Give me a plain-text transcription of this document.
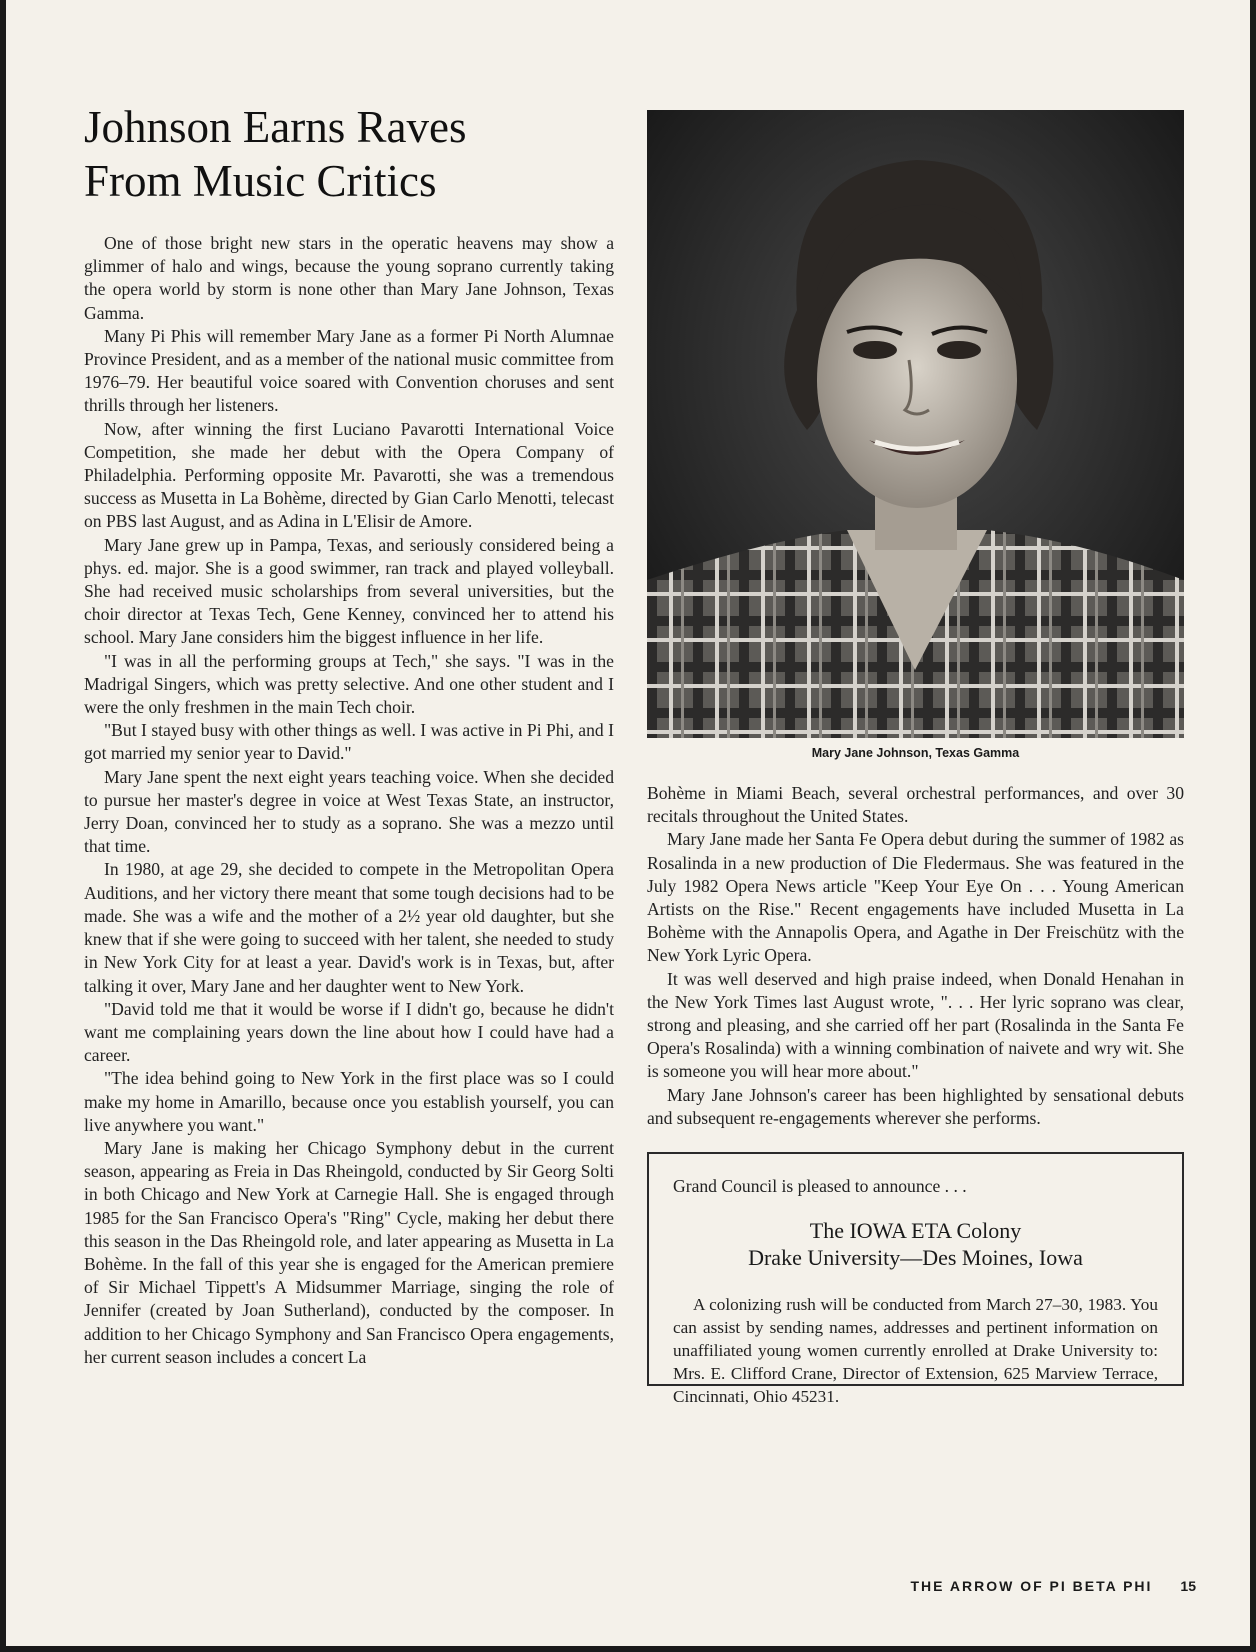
Johnson Earns Raves
From Music Critics

One of those bright new stars in the operatic heavens may show a glimmer of halo and wings, because the young soprano currently taking the opera world by storm is none other than Mary Jane Johnson, Texas Gamma.

Many Pi Phis will remember Mary Jane as a former Pi North Alumnae Province President, and as a member of the national music committee from 1976–79. Her beautiful voice soared with Convention choruses and sent thrills through her listeners.

Now, after winning the first Luciano Pavarotti International Voice Competition, she made her debut with the Opera Company of Philadelphia. Performing opposite Mr. Pavarotti, she was a tremendous success as Musetta in La Bohème, directed by Gian Carlo Menotti, telecast on PBS last August, and as Adina in L'Elisir de Amore.

Mary Jane grew up in Pampa, Texas, and seriously considered being a phys. ed. major. She is a good swimmer, ran track and played volleyball. She had received music scholarships from several universities, but the choir director at Texas Tech, Gene Kenney, convinced her to attend his school. Mary Jane considers him the biggest influence in her life.

"I was in all the performing groups at Tech," she says. "I was in the Madrigal Singers, which was pretty selective. And one other student and I were the only freshmen in the main Tech choir.

"But I stayed busy with other things as well. I was active in Pi Phi, and I got married my senior year to David."

Mary Jane spent the next eight years teaching voice. When she decided to pursue her master's degree in voice at West Texas State, an instructor, Jerry Doan, convinced her to study as a soprano. She was a mezzo until that time.

In 1980, at age 29, she decided to compete in the Metropolitan Opera Auditions, and her victory there meant that some tough decisions had to be made. She was a wife and the mother of a 2½ year old daughter, but she knew that if she were going to succeed with her talent, she needed to study in New York City for at least a year. David's work is in Texas, but, after talking it over, Mary Jane and her daughter went to New York.

"David told me that it would be worse if I didn't go, because he didn't want me complaining years down the line about how I could have had a career.

"The idea behind going to New York in the first place was so I could make my home in Amarillo, because once you establish yourself, you can live anywhere you want."

Mary Jane is making her Chicago Symphony debut in the current season, appearing as Freia in Das Rheingold, conducted by Sir Georg Solti in both Chicago and New York at Carnegie Hall. She is engaged through 1985 for the San Francisco Opera's "Ring" Cycle, making her debut there this season in the Das Rheingold role, and later appearing as Musetta in La Bohème. In the fall of this year she is engaged for the American premiere of Sir Michael Tippett's A Midsummer Marriage, singing the role of Jennifer (created by Joan Sutherland), conducted by the composer. In addition to her Chicago Symphony and San Francisco Opera engagements, her current season includes a concert La

Mary Jane Johnson, Texas Gamma

Bohème in Miami Beach, several orchestral performances, and over 30 recitals throughout the United States.

Mary Jane made her Santa Fe Opera debut during the summer of 1982 as Rosalinda in a new production of Die Fledermaus. She was featured in the July 1982 Opera News article "Keep Your Eye On . . . Young American Artists on the Rise." Recent engagements have included Musetta in La Bohème with the Annapolis Opera, and Agathe in Der Freischütz with the New York Lyric Opera.

It was well deserved and high praise indeed, when Donald Henahan in the New York Times last August wrote, ". . . Her lyric soprano was clear, strong and pleasing, and she carried off her part (Rosalinda in the Santa Fe Opera's Rosalinda) with a winning combination of naivete and wry wit. She is someone you will hear more about."

Mary Jane Johnson's career has been highlighted by sensational debuts and subsequent re-engagements wherever she performs.

Grand Council is pleased to announce . . .

The IOWA ETA Colony
Drake University—Des Moines, Iowa

A colonizing rush will be conducted from March 27–30, 1983. You can assist by sending names, addresses and pertinent information on unaffiliated young women currently enrolled at Drake University to: Mrs. E. Clifford Crane, Director of Extension, 625 Marview Terrace, Cincinnati, Ohio 45231.

THE ARROW OF PI BETA PHI 15
